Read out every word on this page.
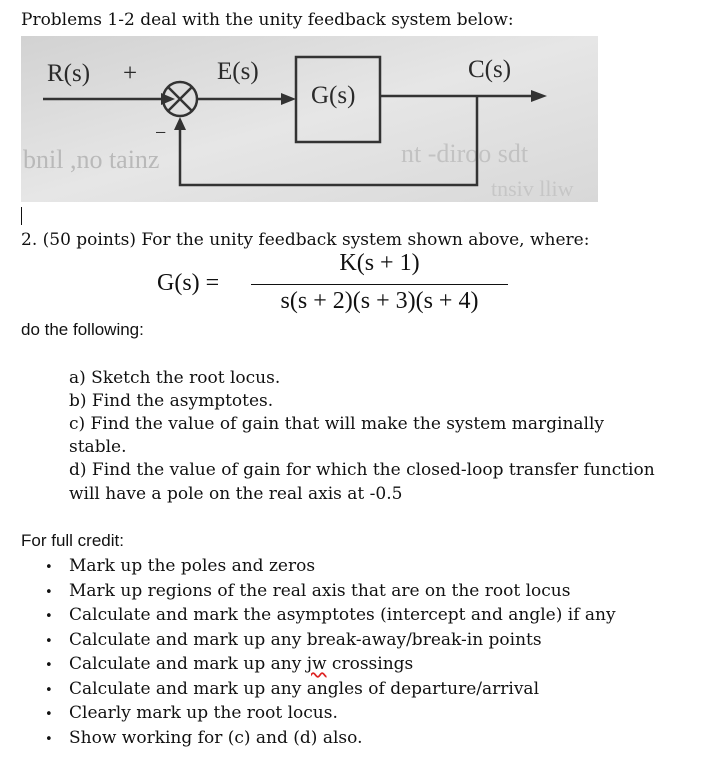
Problems 1-2 deal with the unity feedback system below:
bnil ,no tainz	nt -diroo sdt
tnsiv lliw
R(s) +
−
E(s)
G(s)
C(s)
2. (50 points) For the unity feedback system shown above, where:
G(s) =
K(s + 1)
s(s + 2)(s + 3)(s + 4)
do the following:
a) Sketch the root locus.
b) Find the asymptotes.
c) Find the value of gain that will make the system marginally
stable.
d) Find the value of gain for which the closed-loop transfer function
will have a pole on the real axis at -0.5
For full credit:
• Mark up the poles and zeros
• Mark up regions of the real axis that are on the root locus
• Calculate and mark the asymptotes (intercept and angle) if any
• Calculate and mark up any break-away/break-in points
• Calculate and mark up any jw crossings
• Calculate and mark up any angles of departure/arrival
• Clearly mark up the root locus.
• Show working for (c) and (d) also.
